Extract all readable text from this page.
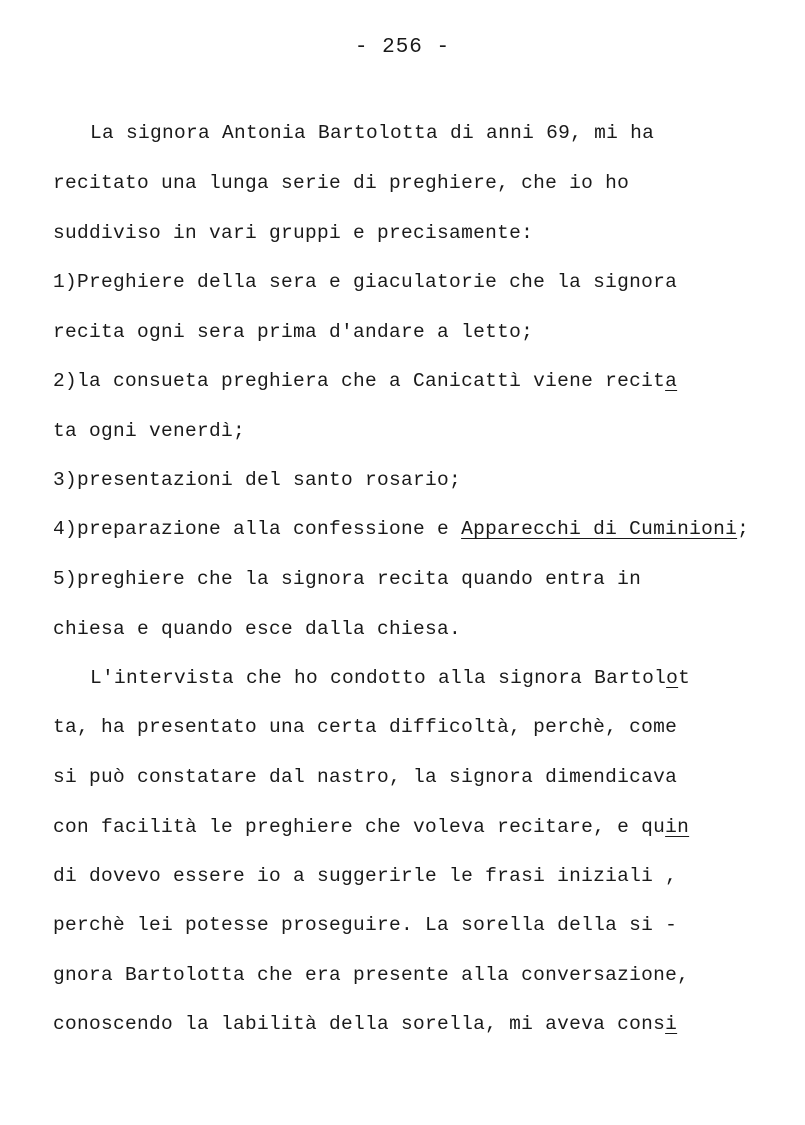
- 256 -
La signora Antonia Bartolotta di anni 69, mi ha
recitato una lunga serie di preghiere, che io ho
suddiviso in vari gruppi e precisamente:
1)Preghiere della sera e giaculatorie che la signora
recita ogni sera prima d'andare a letto;
2)la consueta preghiera che a Canicattì viene recita
ta ogni venerdì;
3)presentazioni del santo rosario;
4)preparazione alla confessione e Apparecchi di Cuminioni;
5)preghiere che la signora recita quando entra in
chiesa e quando esce dalla chiesa.
L'intervista che ho condotto alla signora Bartolot
ta, ha presentato una certa difficoltà, perchè, come
si può constatare dal nastro, la signora dimendicava
con facilità le preghiere che voleva recitare, e quin
di dovevo essere io a suggerirle le frasi iniziali ,
perchè lei potesse proseguire. La sorella della si -
gnora Bartolotta che era presente alla conversazione,
conoscendo la labilità della sorella, mi aveva consi
